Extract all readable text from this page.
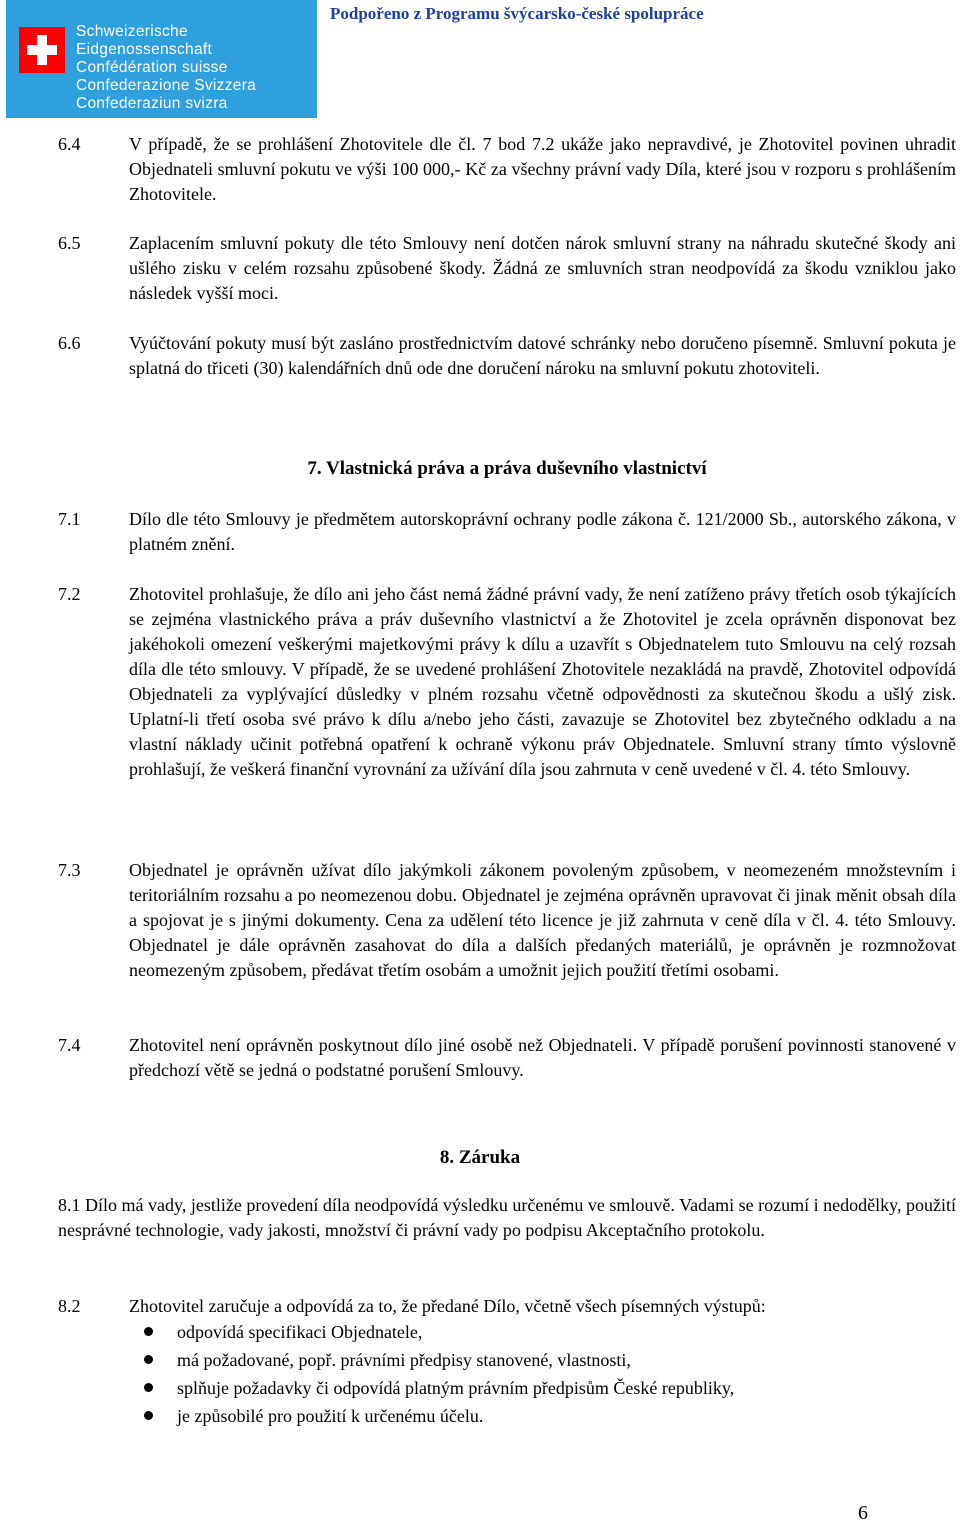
Schweizerische Eidgenossenschaft
Confédération suisse
Confederazione Svizzera
Confederaziun svizra
Podpořeno z Programu švýcarsko-české spolupráce
6.4	V případě, že se prohlášení Zhotovitele dle čl. 7 bod 7.2 ukáže jako nepravdivé, je Zhotovitel povinen uhradit Objednateli smluvní pokutu ve výši 100 000,- Kč za všechny právní vady Díla, které jsou v rozporu s prohlášením Zhotovitele.
6.5	Zaplacením smluvní pokuty dle této Smlouvy není dotčen nárok smluvní strany na náhradu skutečné škody ani ušlého zisku v celém rozsahu způsobené škody. Žádná ze smluvních stran neodpovídá za škodu vzniklou jako následek vyšší moci.
6.6	Vyúčtování pokuty musí být zasláno prostřednictvím datové schránky nebo doručeno písemně. Smluvní pokuta je splatná do třiceti (30) kalendářních dnů ode dne doručení nároku na smluvní pokutu zhotoviteli.
7. Vlastnická práva a práva duševního vlastnictví
7.1	Dílo dle této Smlouvy je předmětem autorskoprávní ochrany podle zákona č. 121/2000 Sb., autorského zákona, v platném znění.
7.2	Zhotovitel prohlašuje, že dílo ani jeho část nemá žádné právní vady, že není zatíženo právy třetích osob týkajících se zejména vlastnického práva a práv duševního vlastnictví a že Zhotovitel je zcela oprávněn disponovat bez jakéhokoli omezení veškerými majetkovými právy k dílu a uzavřít s Objednatelem tuto Smlouvu na celý rozsah díla dle této smlouvy. V případě, že se uvedené prohlášení Zhotovitele nezakládá na pravdě, Zhotovitel odpovídá Objednateli za vyplývající důsledky v plném rozsahu včetně odpovědnosti za skutečnou škodu a ušlý zisk. Uplatní-li třetí osoba své právo k dílu a/nebo jeho části, zavazuje se Zhotovitel bez zbytečného odkladu a na vlastní náklady učinit potřebná opatření k ochraně výkonu práv Objednatele. Smluvní strany tímto výslovně prohlašují, že veškerá finanční vyrovnání za užívání díla jsou zahrnuta v ceně uvedené v čl. 4. této Smlouvy.
7.3	Objednatel je oprávněn užívat dílo jakýmkoli zákonem povoleným způsobem, v neomezeném množstevním i teritoriálním rozsahu a po neomezenou dobu. Objednatel je zejména oprávněn upravovat či jinak měnit obsah díla a spojovat je s jinými dokumenty. Cena za udělení této licence je již zahrnuta v ceně díla v čl. 4. této Smlouvy. Objednatel je dále oprávněn zasahovat do díla a dalších předaných materiálů, je oprávněn je rozmnožovat neomezeným způsobem, předávat třetím osobám a umožnit jejich použití třetími osobami.
7.4	Zhotovitel není oprávněn poskytnout dílo jiné osobě než Objednateli. V případě porušení povinnosti stanovené v předchozí větě se jedná o podstatné porušení Smlouvy.
8. Záruka
8.1 Dílo má vady, jestliže provedení díla neodpovídá výsledku určenému ve smlouvě. Vadami se rozumí i nedodělky, použití nesprávné technologie, vady jakosti, množství či právní vady po podpisu Akceptačního protokolu.
8.2	Zhotovitel zaručuje a odpovídá za to, že předané Dílo, včetně všech písemných výstupů:
odpovídá specifikaci Objednatele,
má požadované, popř. právními předpisy stanovené, vlastnosti,
splňuje požadavky či odpovídá platným právním předpisům České republiky,
je způsobilé pro použití k určenému účelu.
6
